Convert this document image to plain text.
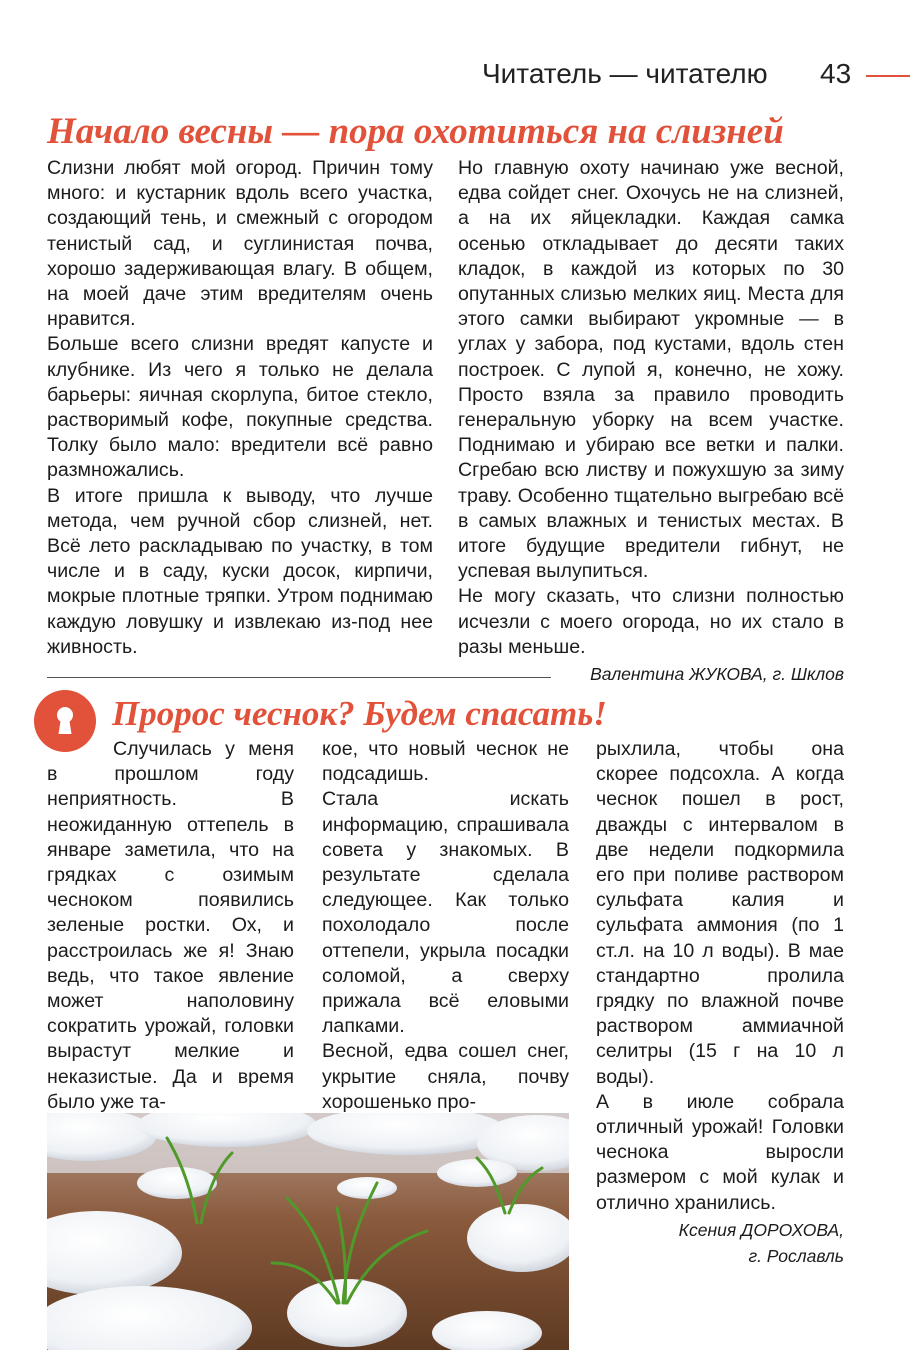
Читатель — читателю 43
Начало весны — пора охотиться на слизней

Слизни любят мой огород. Причин тому много: и кустарник вдоль всего участка, создающий тень, и смежный с огородом тенистый сад, и суглинистая почва, хорошо задерживающая влагу. В общем, на моей даче этим вредителям очень нравится.

Больше всего слизни вредят капусте и клубнике. Из чего я только не делала барьеры: яичная скорлупа, битое стекло, растворимый кофе, покупные средства. Толку было мало: вредители всё равно размножались.

В итоге пришла к выводу, что лучше метода, чем ручной сбор слизней, нет. Всё лето раскладываю по участку, в том числе и в саду, куски досок, кирпичи, мокрые плотные тряпки. Утром поднимаю каждую ловушку и извлекаю из-под нее живность.

Но главную охоту начинаю уже весной, едва сойдет снег. Охочусь не на слизней, а на их яйцекладки. Каждая самка осенью откладывает до десяти таких кладок, в каждой из которых по 30 опутанных слизью мелких яиц. Места для этого самки выбирают укромные — в углах у забора, под кустами, вдоль стен построек. С лупой я, конечно, не хожу. Просто взяла за правило проводить генеральную уборку на всем участке. Поднимаю и убираю все ветки и палки. Сгребаю всю листву и пожухшую за зиму траву. Особенно тщательно выгребаю всё в самых влажных и тенистых местах. В итоге будущие вредители гибнут, не успевая вылупиться.

Не могу сказать, что слизни полностью исчезли с моего огорода, но их стало в разы меньше.

Валентина ЖУКОВА, г. Шклов
Пророс чеснок? Будем спасать!

Случилась у меня в прошлом году неприятность. В неожиданную оттепель в январе заметила, что на грядках с озимым чесноком появились зеленые ростки. Ох, и расстроилась же я! Знаю ведь, что такое явление может наполовину сократить урожай, головки вырастут мелкие и неказистые. Да и время было уже та-

кое, что новый чеснок не подсадишь.

Стала искать информацию, спрашивала совета у знакомых. В результате сделала следующее. Как только похолодало после оттепели, укрыла посадки соломой, а сверху прижала всё еловыми лапками.

Весной, едва сошел снег, укрытие сняла, почву хорошенько про-

рыхлила, чтобы она скорее подсохла. А когда чеснок пошел в рост, дважды с интервалом в две недели подкормила его при поливе раствором сульфата калия и сульфата аммония (по 1 ст.л. на 10 л воды). В мае стандартно пролила грядку по влажной почве раствором аммиачной селитры (15 г на 10 л воды).

А в июле собрала отличный урожай! Головки чеснока выросли размером с мой кулак и отлично хранились.

Ксения ДОРОХОВА,
г. Рославль
